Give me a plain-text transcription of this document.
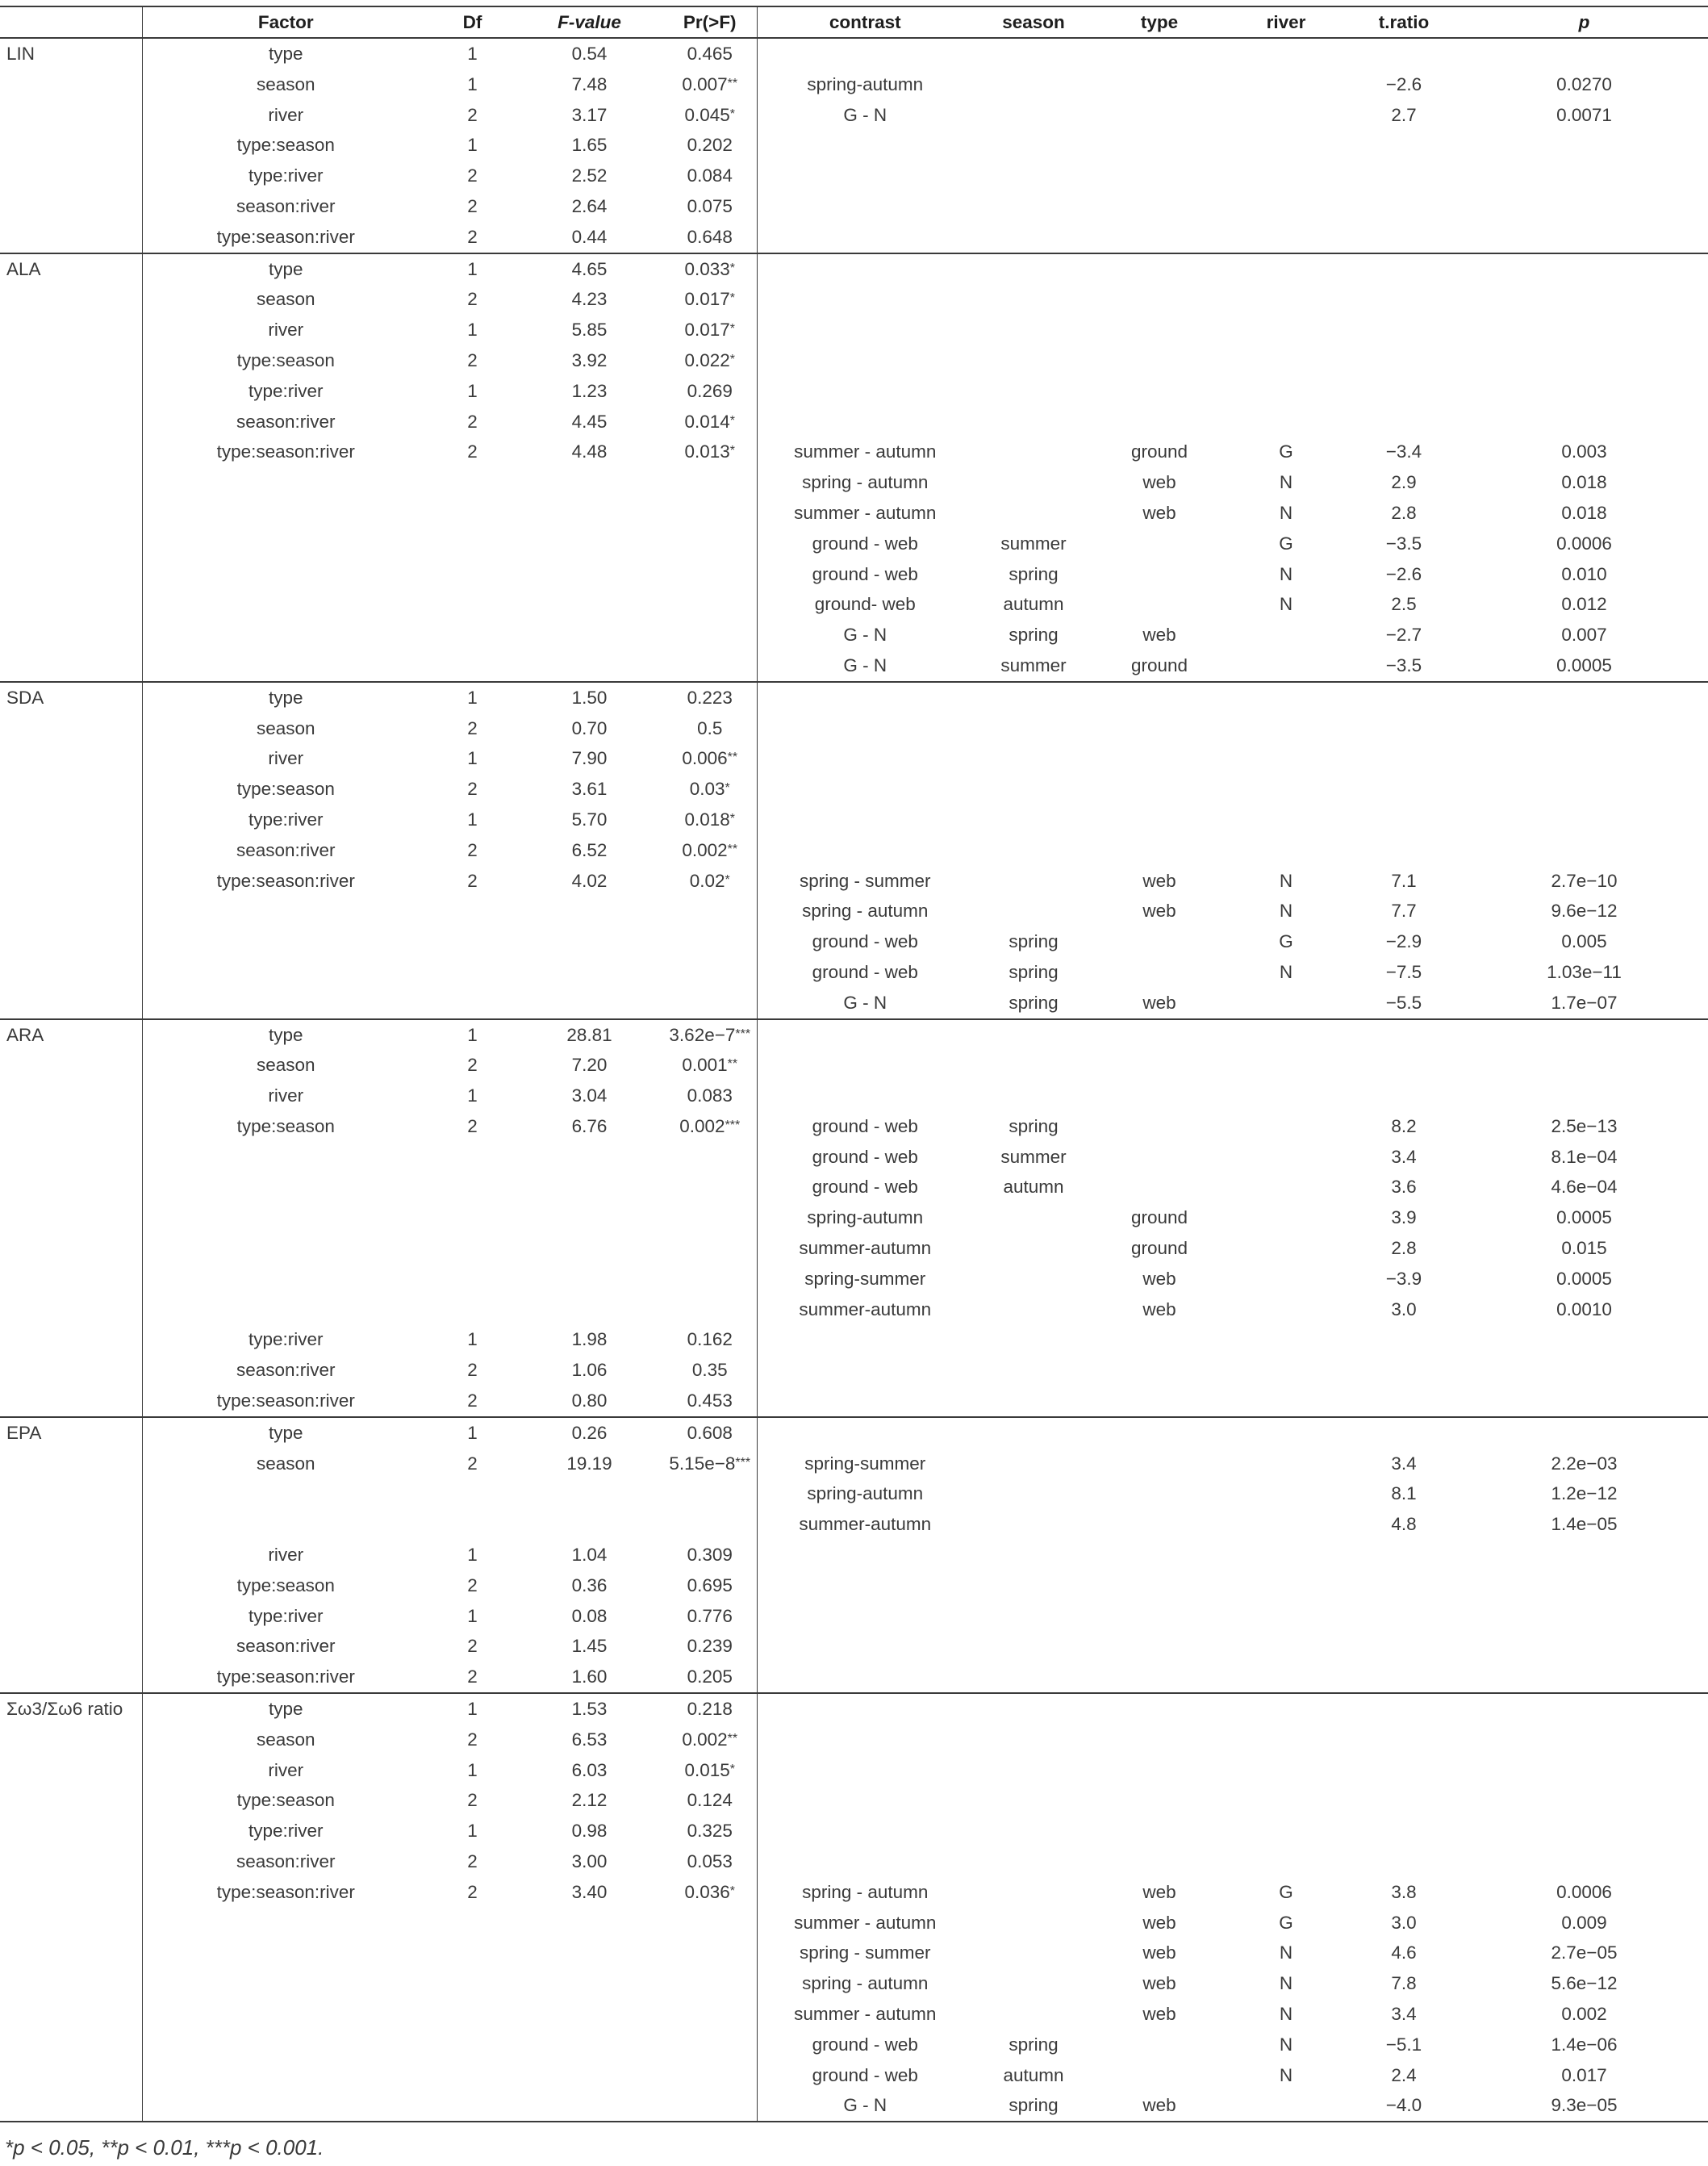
	Factor	Df	F-value	Pr(>F)	contrast	season	type	river	t.ratio	p
LIN	type	1	0.54	0.465						
	season	1	7.48	0.007**	spring-autumn				−2.6	0.0270
	river	2	3.17	0.045*	G - N				2.7	0.0071
	type:season	1	1.65	0.202						
	type:river	2	2.52	0.084						
	season:river	2	2.64	0.075						
	type:season:river	2	0.44	0.648						
ALA	type	1	4.65	0.033*						
	season	2	4.23	0.017*						
	river	1	5.85	0.017*						
	type:season	2	3.92	0.022*						
	type:river	1	1.23	0.269						
	season:river	2	4.45	0.014*						
	type:season:river	2	4.48	0.013*	summer - autumn		ground	G	−3.4	0.003
					spring - autumn		web	N	2.9	0.018
					summer - autumn		web	N	2.8	0.018
					ground - web	summer		G	−3.5	0.0006
					ground - web	spring		N	−2.6	0.010
					ground- web	autumn		N	2.5	0.012
					G - N	spring	web		−2.7	0.007
					G - N	summer	ground		−3.5	0.0005
SDA	type	1	1.50	0.223						
	season	2	0.70	0.5						
	river	1	7.90	0.006**						
	type:season	2	3.61	0.03*						
	type:river	1	5.70	0.018*						
	season:river	2	6.52	0.002**						
	type:season:river	2	4.02	0.02*	spring - summer		web	N	7.1	2.7e−10
					spring - autumn		web	N	7.7	9.6e−12
					ground - web	spring		G	−2.9	0.005
					ground - web	spring		N	−7.5	1.03e−11
					G - N	spring	web		−5.5	1.7e−07
ARA	type	1	28.81	3.62e−7***						
	season	2	7.20	0.001**						
	river	1	3.04	0.083						
	type:season	2	6.76	0.002***	ground - web	spring			8.2	2.5e−13
					ground - web	summer			3.4	8.1e−04
					ground - web	autumn			3.6	4.6e−04
					spring-autumn		ground		3.9	0.0005
					summer-autumn		ground		2.8	0.015
					spring-summer		web		−3.9	0.0005
					summer-autumn		web		3.0	0.0010
	type:river	1	1.98	0.162						
	season:river	2	1.06	0.35						
	type:season:river	2	0.80	0.453						
EPA	type	1	0.26	0.608						
	season	2	19.19	5.15e−8***	spring-summer				3.4	2.2e−03
					spring-autumn				8.1	1.2e−12
					summer-autumn				4.8	1.4e−05
	river	1	1.04	0.309						
	type:season	2	0.36	0.695						
	type:river	1	0.08	0.776						
	season:river	2	1.45	0.239						
	type:season:river	2	1.60	0.205						
Σω3/Σω6 ratio	type	1	1.53	0.218						
	season	2	6.53	0.002**						
	river	1	6.03	0.015*						
	type:season	2	2.12	0.124						
	type:river	1	0.98	0.325						
	season:river	2	3.00	0.053						
	type:season:river	2	3.40	0.036*	spring - autumn		web	G	3.8	0.0006
					summer - autumn		web	G	3.0	0.009
					spring - summer		web	N	4.6	2.7e−05
					spring - autumn		web	N	7.8	5.6e−12
					summer - autumn		web	N	3.4	0.002
					ground - web	spring		N	−5.1	1.4e−06
					ground - web	autumn		N	2.4	0.017
					G - N	spring	web		−4.0	9.3e−05
*p < 0.05, **p < 0.01, ***p < 0.001.
